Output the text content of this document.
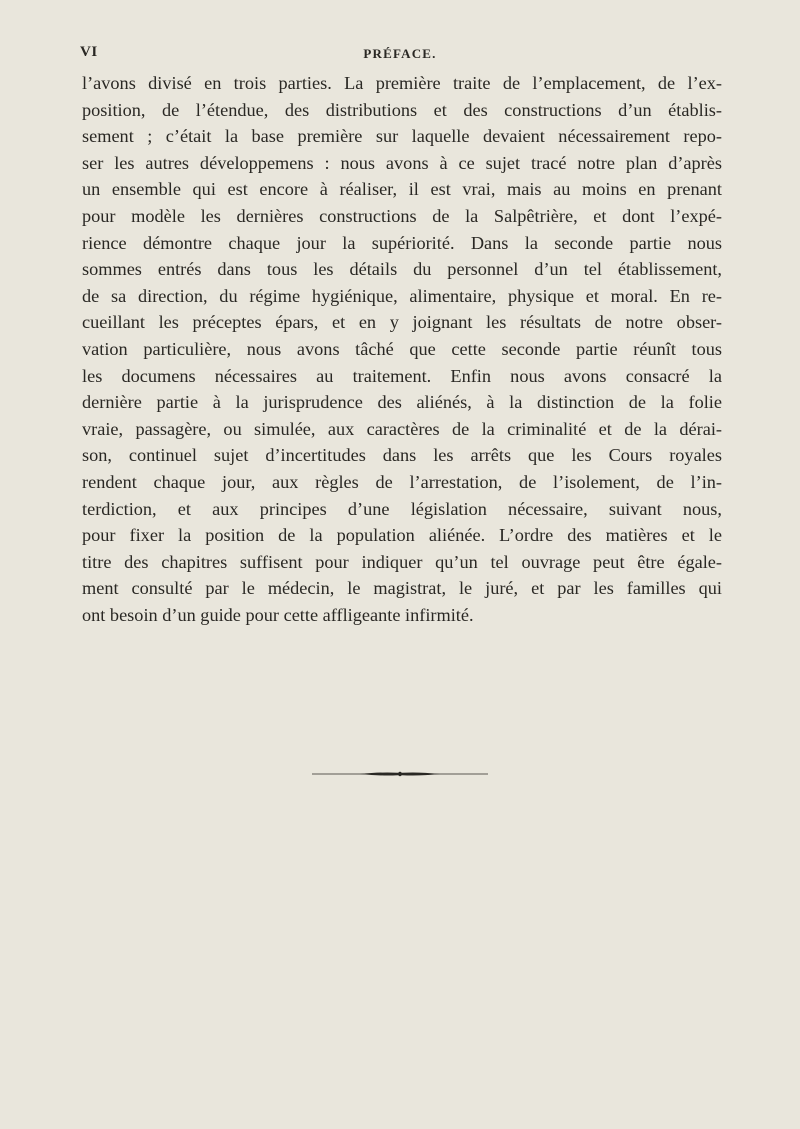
VI	PRÉFACE.
l’avons divisé en trois parties. La première traite de l’emplacement, de l’ex-
position, de l’étendue, des distributions et des constructions d’un établis-
sement ; c’était la base première sur laquelle devaient nécessairement repo-
ser les autres développemens : nous avons à ce sujet tracé notre plan d’après
un ensemble qui est encore à réaliser, il est vrai, mais au moins en prenant
pour modèle les dernières constructions de la Salpêtrière, et dont l’expé-
rience démontre chaque jour la supériorité. Dans la seconde partie nous
sommes entrés dans tous les détails du personnel d’un tel établissement,
de sa direction, du régime hygiénique, alimentaire, physique et moral. En re-
cueillant les préceptes épars, et en y joignant les résultats de notre obser-
vation particulière, nous avons tâché que cette seconde partie réunît tous
les documens nécessaires au traitement. Enfin nous avons consacré la
dernière partie à la jurisprudence des aliénés, à la distinction de la folie
vraie, passagère, ou simulée, aux caractères de la criminalité et de la dérai-
son, continuel sujet d’incertitudes dans les arrêts que les Cours royales
rendent chaque jour, aux règles de l’arrestation, de l’isolement, de l’in-
terdiction, et aux principes d’une législation nécessaire, suivant nous,
pour fixer la position de la population aliénée. L’ordre des matières et le
titre des chapitres suffisent pour indiquer qu’un tel ouvrage peut être égale-
ment consulté par le médecin, le magistrat, le juré, et par les familles qui
ont besoin d’un guide pour cette affligeante infirmité.
